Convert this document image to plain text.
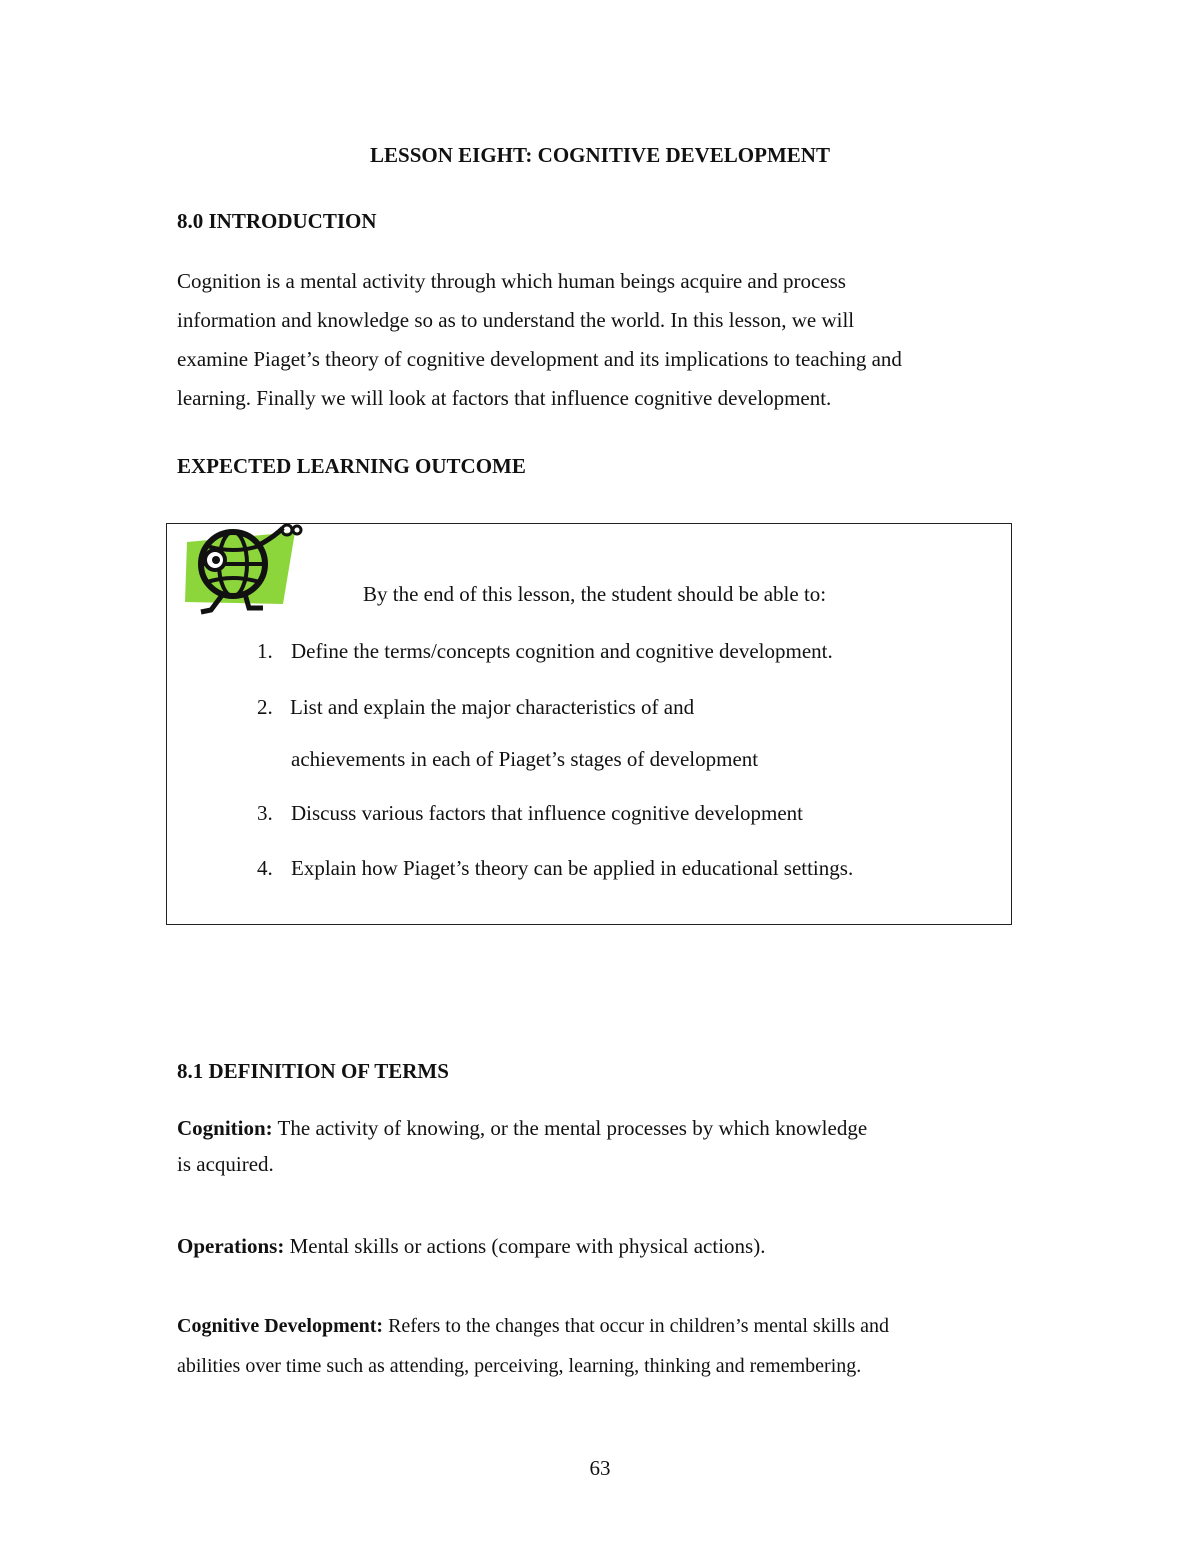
LESSON EIGHT: COGNITIVE DEVELOPMENT
8.0 INTRODUCTION
Cognition is a mental activity through which human beings acquire and process
information and knowledge so as to understand the world. In this lesson, we will
examine Piaget’s theory of cognitive development and its implications to teaching and
learning. Finally we will look at factors that influence cognitive development.
EXPECTED LEARNING OUTCOME
By the end of this lesson, the student should be able to:
1. Define the terms/concepts cognition and cognitive development.
2. List and explain the major characteristics of and
achievements in each of Piaget’s stages of development
3. Discuss various factors that influence cognitive development
4. Explain how Piaget’s theory can be applied in educational settings.
8.1 DEFINITION OF TERMS
Cognition: The activity of knowing, or the mental processes by which knowledge
is acquired.
Operations: Mental skills or actions (compare with physical actions).
Cognitive Development: Refers to the changes that occur in children’s mental skills and
abilities over time such as attending, perceiving, learning, thinking and remembering.
63
